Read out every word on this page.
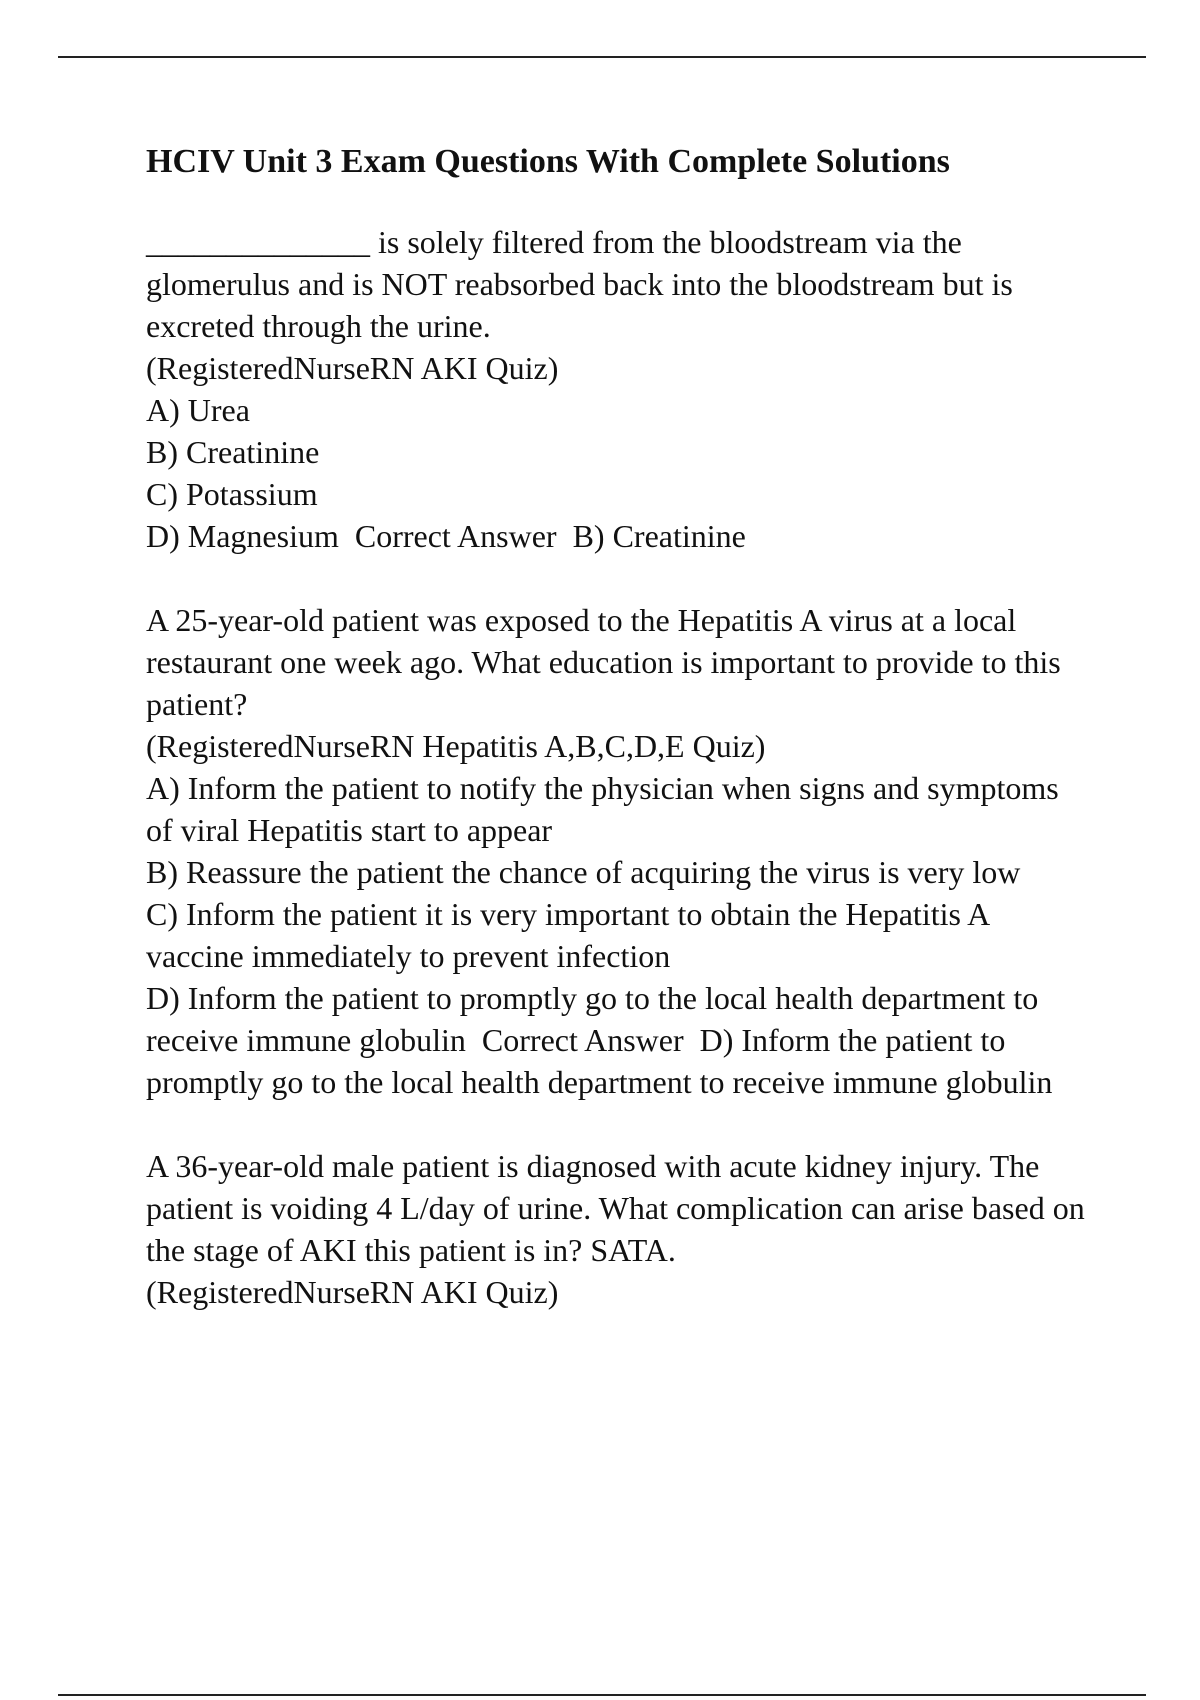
HCIV Unit 3 Exam Questions With Complete Solutions

______________ is solely filtered from the bloodstream via the glomerulus and is NOT reabsorbed back into the bloodstream but is excreted through the urine.

(RegisteredNurseRN AKI Quiz)

A) Urea

B) Creatinine

C) Potassium

D) Magnesium Correct Answer B) Creatinine

A 25-year-old patient was exposed to the Hepatitis A virus at a local restaurant one week ago. What education is important to provide to this patient?

(RegisteredNurseRN Hepatitis A,B,C,D,E Quiz)

A) Inform the patient to notify the physician when signs and symptoms of viral Hepatitis start to appear

B) Reassure the patient the chance of acquiring the virus is very low

C) Inform the patient it is very important to obtain the Hepatitis A vaccine immediately to prevent infection

D) Inform the patient to promptly go to the local health department to receive immune globulin Correct Answer D) Inform the patient to promptly go to the local health department to receive immune globulin

A 36-year-old male patient is diagnosed with acute kidney injury. The patient is voiding 4 L/day of urine. What complication can arise based on the stage of AKI this patient is in? SATA.

(RegisteredNurseRN AKI Quiz)
